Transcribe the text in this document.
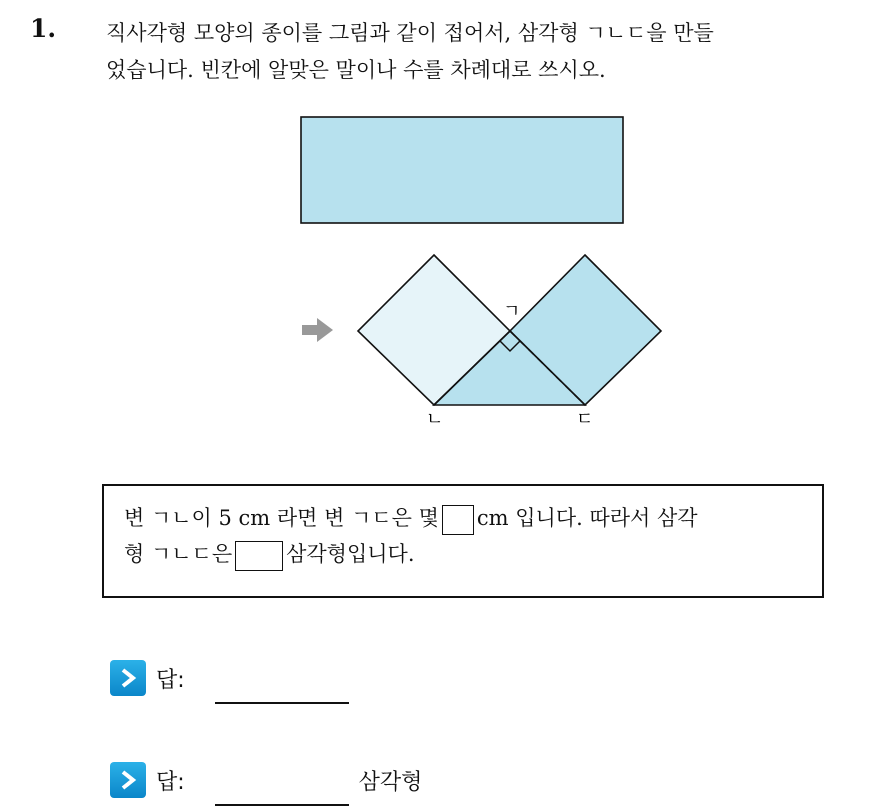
1. 직사각형 모양의 종이를 그림과 같이 접어서, 삼각형 ㄱㄴㄷ을 만들
었습니다. 빈칸에 알맞은 말이나 수를 차례대로 쓰시오.
ㄱ
ㄴ	ㄷ
변 ㄱㄴ이 5 cm 라면 변 ㄱㄷ은 몇 cm 입니다. 따라서 삼각
형 ㄱㄴㄷ은	삼각형입니다.
답:
답:	삼각형
